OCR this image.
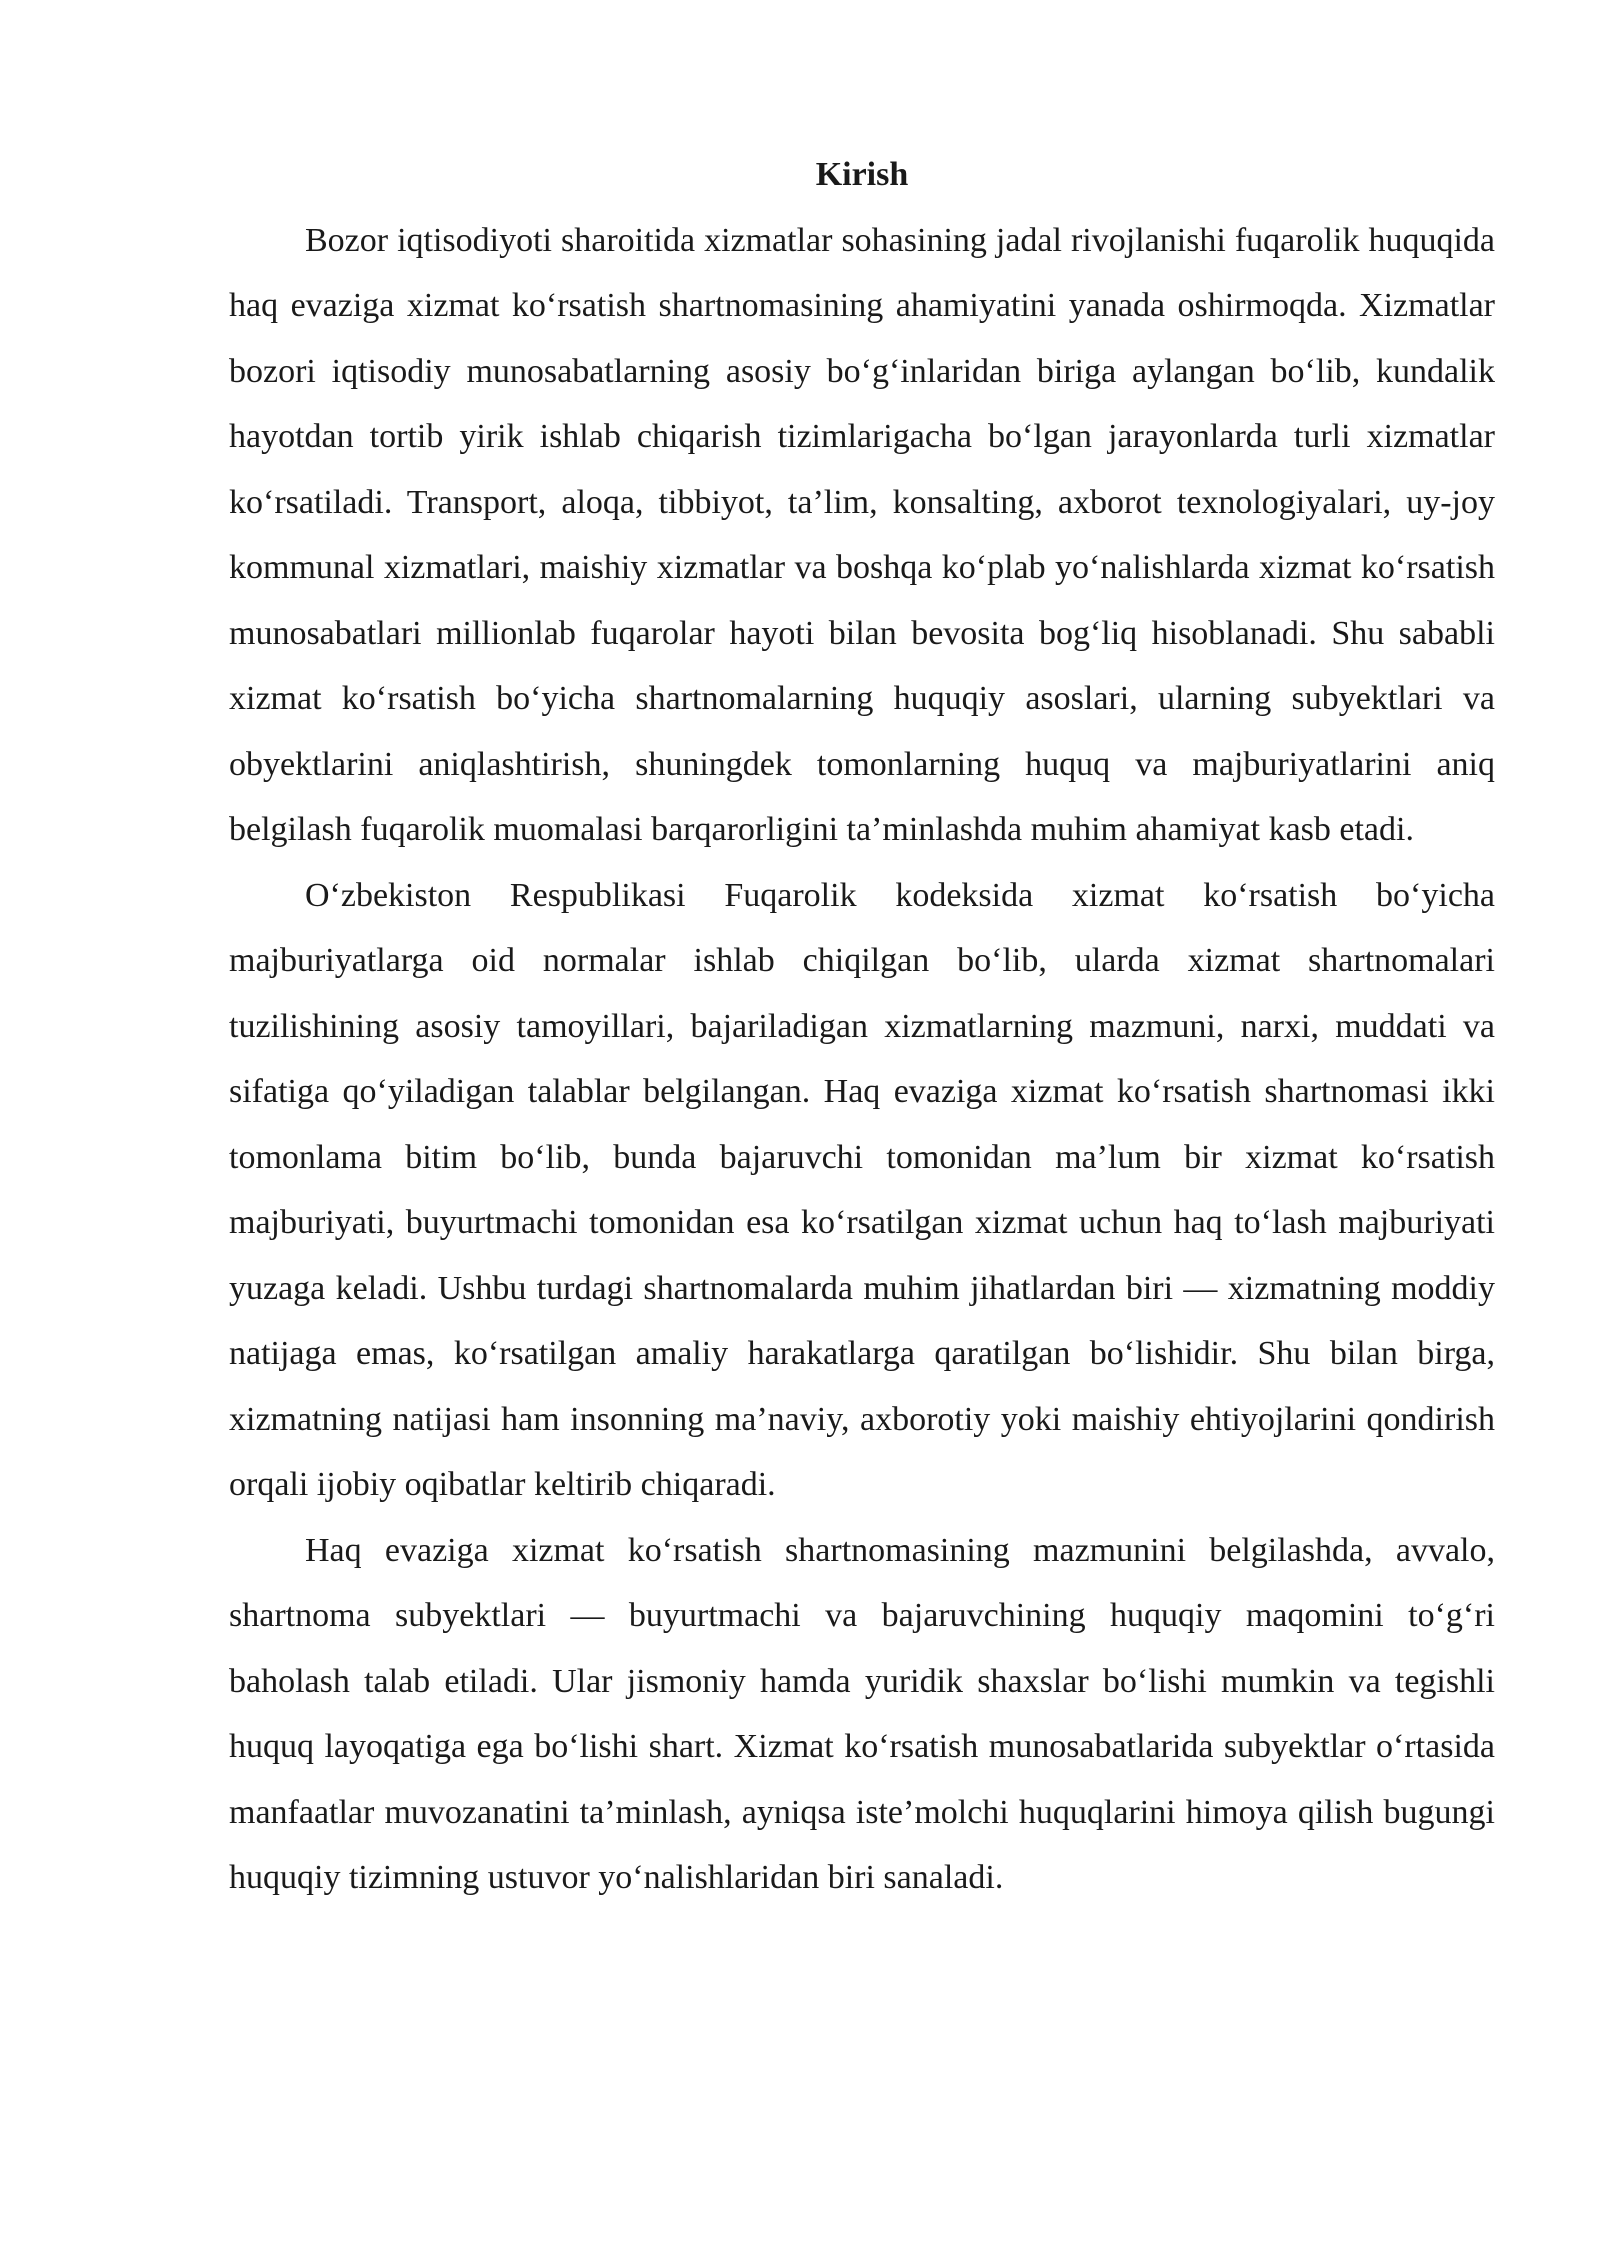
Kirish

Bozor iqtisodiyoti sharoitida xizmatlar sohasining jadal rivojlanishi fuqarolik huquqida haq evaziga xizmat ko‘rsatish shartnomasining ahamiyatini yanada oshirmoqda. Xizmatlar bozori iqtisodiy munosabatlarning asosiy bo‘g‘inlaridan biriga aylangan bo‘lib, kundalik hayotdan tortib yirik ishlab chiqarish tizimlarigacha bo‘lgan jarayonlarda turli xizmatlar ko‘rsatiladi. Transport, aloqa, tibbiyot, ta’lim, konsalting, axborot texnologiyalari, uy-joy kommunal xizmatlari, maishiy xizmatlar va boshqa ko‘plab yo‘nalishlarda xizmat ko‘rsatish munosabatlari millionlab fuqarolar hayoti bilan bevosita bog‘liq hisoblanadi. Shu sababli xizmat ko‘rsatish bo‘yicha shartnomalarning huquqiy asoslari, ularning subyektlari va obyektlarini aniqlashtirish, shuningdek tomonlarning huquq va majburiyatlarini aniq belgilash fuqarolik muomalasi barqarorligini ta’minlashda muhim ahamiyat kasb etadi.

O‘zbekiston Respublikasi Fuqarolik kodeksida xizmat ko‘rsatish bo‘yicha majburiyatlarga oid normalar ishlab chiqilgan bo‘lib, ularda xizmat shartnomalari tuzilishining asosiy tamoyillari, bajariladigan xizmatlarning mazmuni, narxi, muddati va sifatiga qo‘yiladigan talablar belgilangan. Haq evaziga xizmat ko‘rsatish shartnomasi ikki tomonlama bitim bo‘lib, bunda bajaruvchi tomonidan ma’lum bir xizmat ko‘rsatish majburiyati, buyurtmachi tomonidan esa ko‘rsatilgan xizmat uchun haq to‘lash majburiyati yuzaga keladi. Ushbu turdagi shartnomalarda muhim jihatlardan biri — xizmatning moddiy natijaga emas, ko‘rsatilgan amaliy harakatlarga qaratilgan bo‘lishidir. Shu bilan birga, xizmatning natijasi ham insonning ma’naviy, axborotiy yoki maishiy ehtiyojlarini qondirish orqali ijobiy oqibatlar keltirib chiqaradi.

Haq evaziga xizmat ko‘rsatish shartnomasining mazmunini belgilashda, avvalo, shartnoma subyektlari — buyurtmachi va bajaruvchining huquqiy maqomini to‘g‘ri baholash talab etiladi. Ular jismoniy hamda yuridik shaxslar bo‘lishi mumkin va tegishli huquq layoqatiga ega bo‘lishi shart. Xizmat ko‘rsatish munosabatlarida subyektlar o‘rtasida manfaatlar muvozanatini ta’minlash, ayniqsa iste’molchi huquqlarini himoya qilish bugungi huquqiy tizimning ustuvor yo‘nalishlaridan biri sanaladi.
